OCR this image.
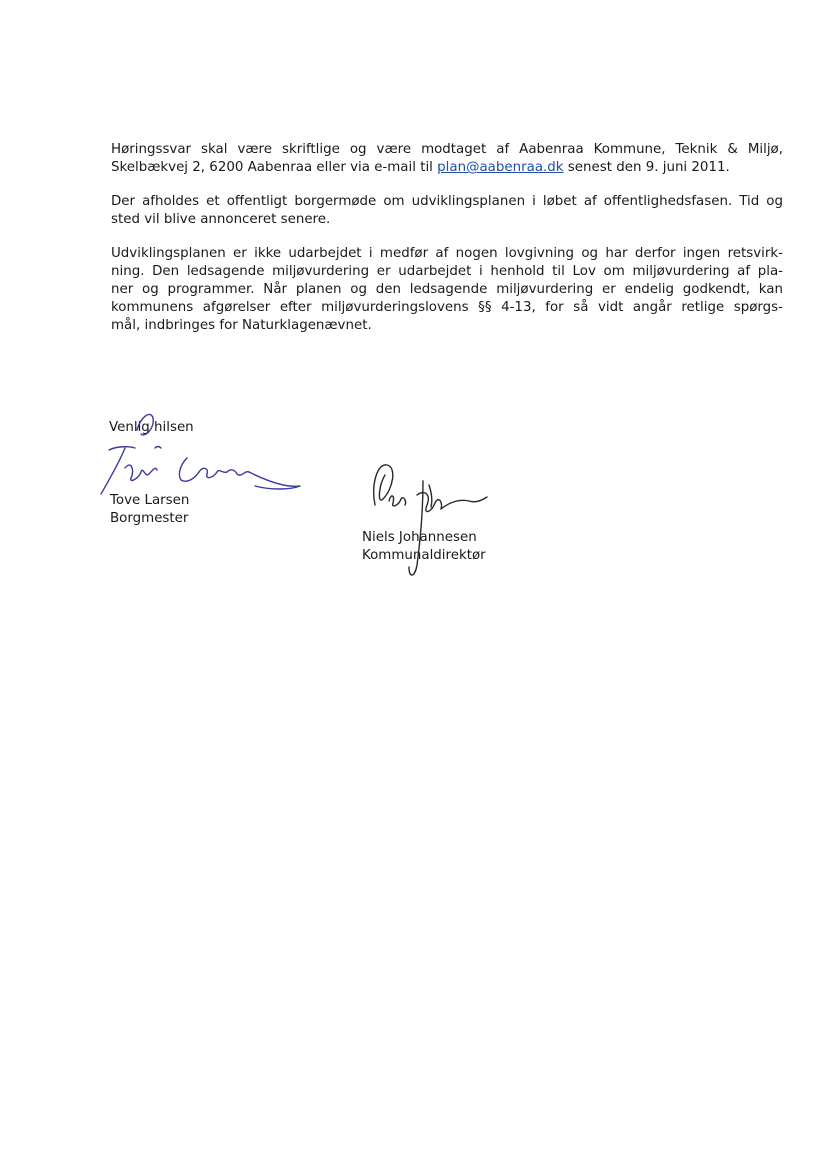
Høringssvar skal være skriftlige og være modtaget af Aabenraa Kommune, Teknik & Miljø,
Skelbækvej 2, 6200 Aabenraa eller via e-mail til plan@aabenraa.dk senest den 9. juni 2011.

Der afholdes et offentligt borgermøde om udviklingsplanen i løbet af offentlighedsfasen. Tid og
sted vil blive annonceret senere.

Udviklingsplanen er ikke udarbejdet i medfør af nogen lovgivning og har derfor ingen retsvirk-
ning. Den ledsagende miljøvurdering er udarbejdet i henhold til Lov om miljøvurdering af pla-
ner og programmer. Når planen og den ledsagende miljøvurdering er endelig godkendt, kan
kommunens afgørelser efter miljøvurderingslovens §§ 4-13, for så vidt angår retlige spørgs-
mål, indbringes for Naturklagenævnet.

Venlig hilsen
Tove Larsen
Borgmester
Niels Johannesen
Kommunaldirektør
